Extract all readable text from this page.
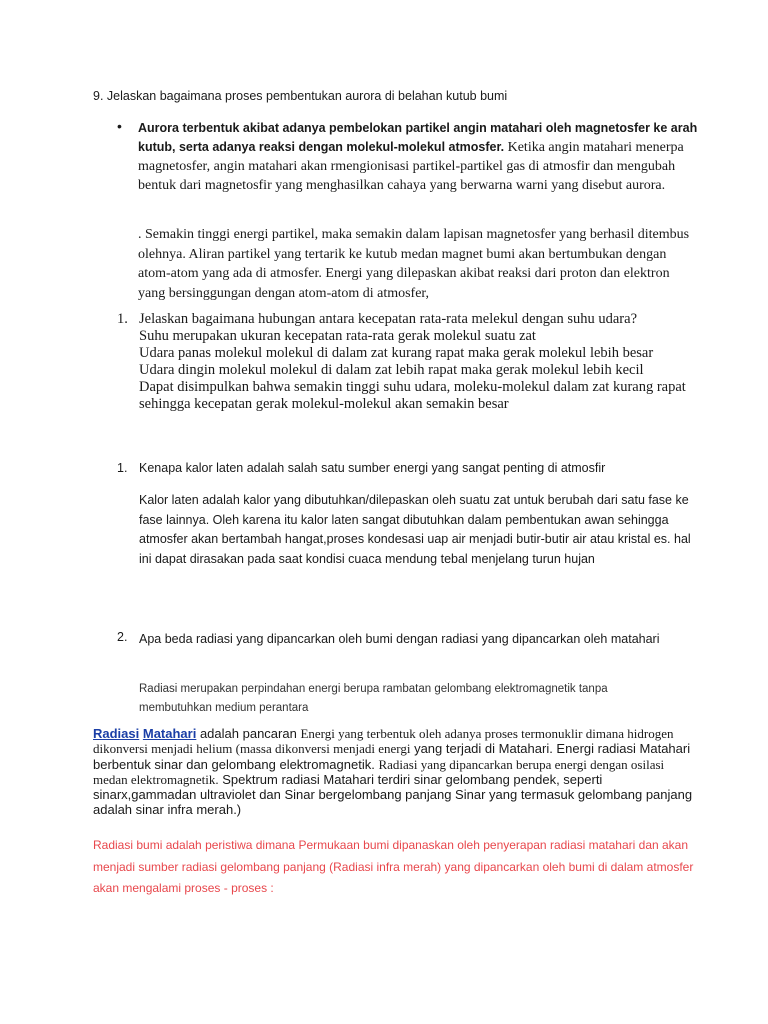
9. Jelaskan bagaimana proses pembentukan aurora di belahan kutub bumi
• Aurora terbentuk akibat adanya pembelokan partikel angin matahari oleh magnetosfer ke arah kutub, serta adanya reaksi dengan molekul-molekul atmosfer. Ketika angin matahari menerpa magnetosfer, angin matahari akan rmengionisasi partikel-partikel gas di atmosfir dan mengubah bentuk dari magnetosfir yang menghasilkan cahaya yang berwarna warni yang disebut aurora.
. Semakin tinggi energi partikel, maka semakin dalam lapisan magnetosfer yang berhasil ditembus olehnya. Aliran partikel yang tertarik ke kutub medan magnet bumi akan bertumbukan dengan atom-atom yang ada di atmosfer. Energi yang dilepaskan akibat reaksi dari proton dan elektron yang bersinggungan dengan atom-atom di atmosfer,
1. Jelaskan bagaimana hubungan antara kecepatan rata-rata melekul dengan suhu udara?
Suhu merupakan ukuran kecepatan rata-rata gerak molekul suatu zat
Udara panas molekul molekul di dalam zat kurang rapat maka gerak molekul lebih besar
Udara dingin molekul molekul di dalam zat lebih rapat maka gerak molekul lebih kecil
Dapat disimpulkan bahwa semakin tinggi suhu udara, moleku-molekul dalam zat kurang rapat sehingga kecepatan gerak molekul-molekul akan semakin besar
1. Kenapa kalor laten adalah salah satu sumber energi yang sangat penting di atmosfir
Kalor laten adalah kalor yang dibutuhkan/dilepaskan oleh suatu zat untuk berubah dari satu fase ke fase lainnya. Oleh karena itu kalor laten sangat dibutuhkan dalam pembentukan awan sehingga atmosfer akan bertambah hangat,proses kondesasi uap air menjadi butir-butir air atau kristal es. hal ini dapat dirasakan pada saat kondisi cuaca mendung tebal menjelang turun hujan
2. Apa beda radiasi yang dipancarkan oleh bumi dengan radiasi yang dipancarkan oleh matahari
Radiasi merupakan perpindahan energi berupa rambatan gelombang elektromagnetik tanpa membutuhkan medium perantara
Radiasi Matahari adalah pancaran Energi yang terbentuk oleh adanya proses termonuklir dimana hidrogen dikonversi menjadi helium (massa dikonversi menjadi energi yang terjadi di Matahari. Energi radiasi Matahari berbentuk sinar dan gelombang elektromagnetik. Radiasi yang dipancarkan berupa energi dengan osilasi medan elektromagnetik. Spektrum radiasi Matahari terdiri sinar gelombang pendek, seperti sinarx,gammadan ultraviolet dan Sinar bergelombang panjang Sinar yang termasuk gelombang panjang adalah sinar infra merah.)
Radiasi bumi adalah peristiwa dimana Permukaan bumi dipanaskan oleh penyerapan radiasi matahari dan akan menjadi sumber radiasi gelombang panjang (Radiasi infra merah) yang dipancarkan oleh bumi di dalam atmosfer akan mengalami proses - proses :
